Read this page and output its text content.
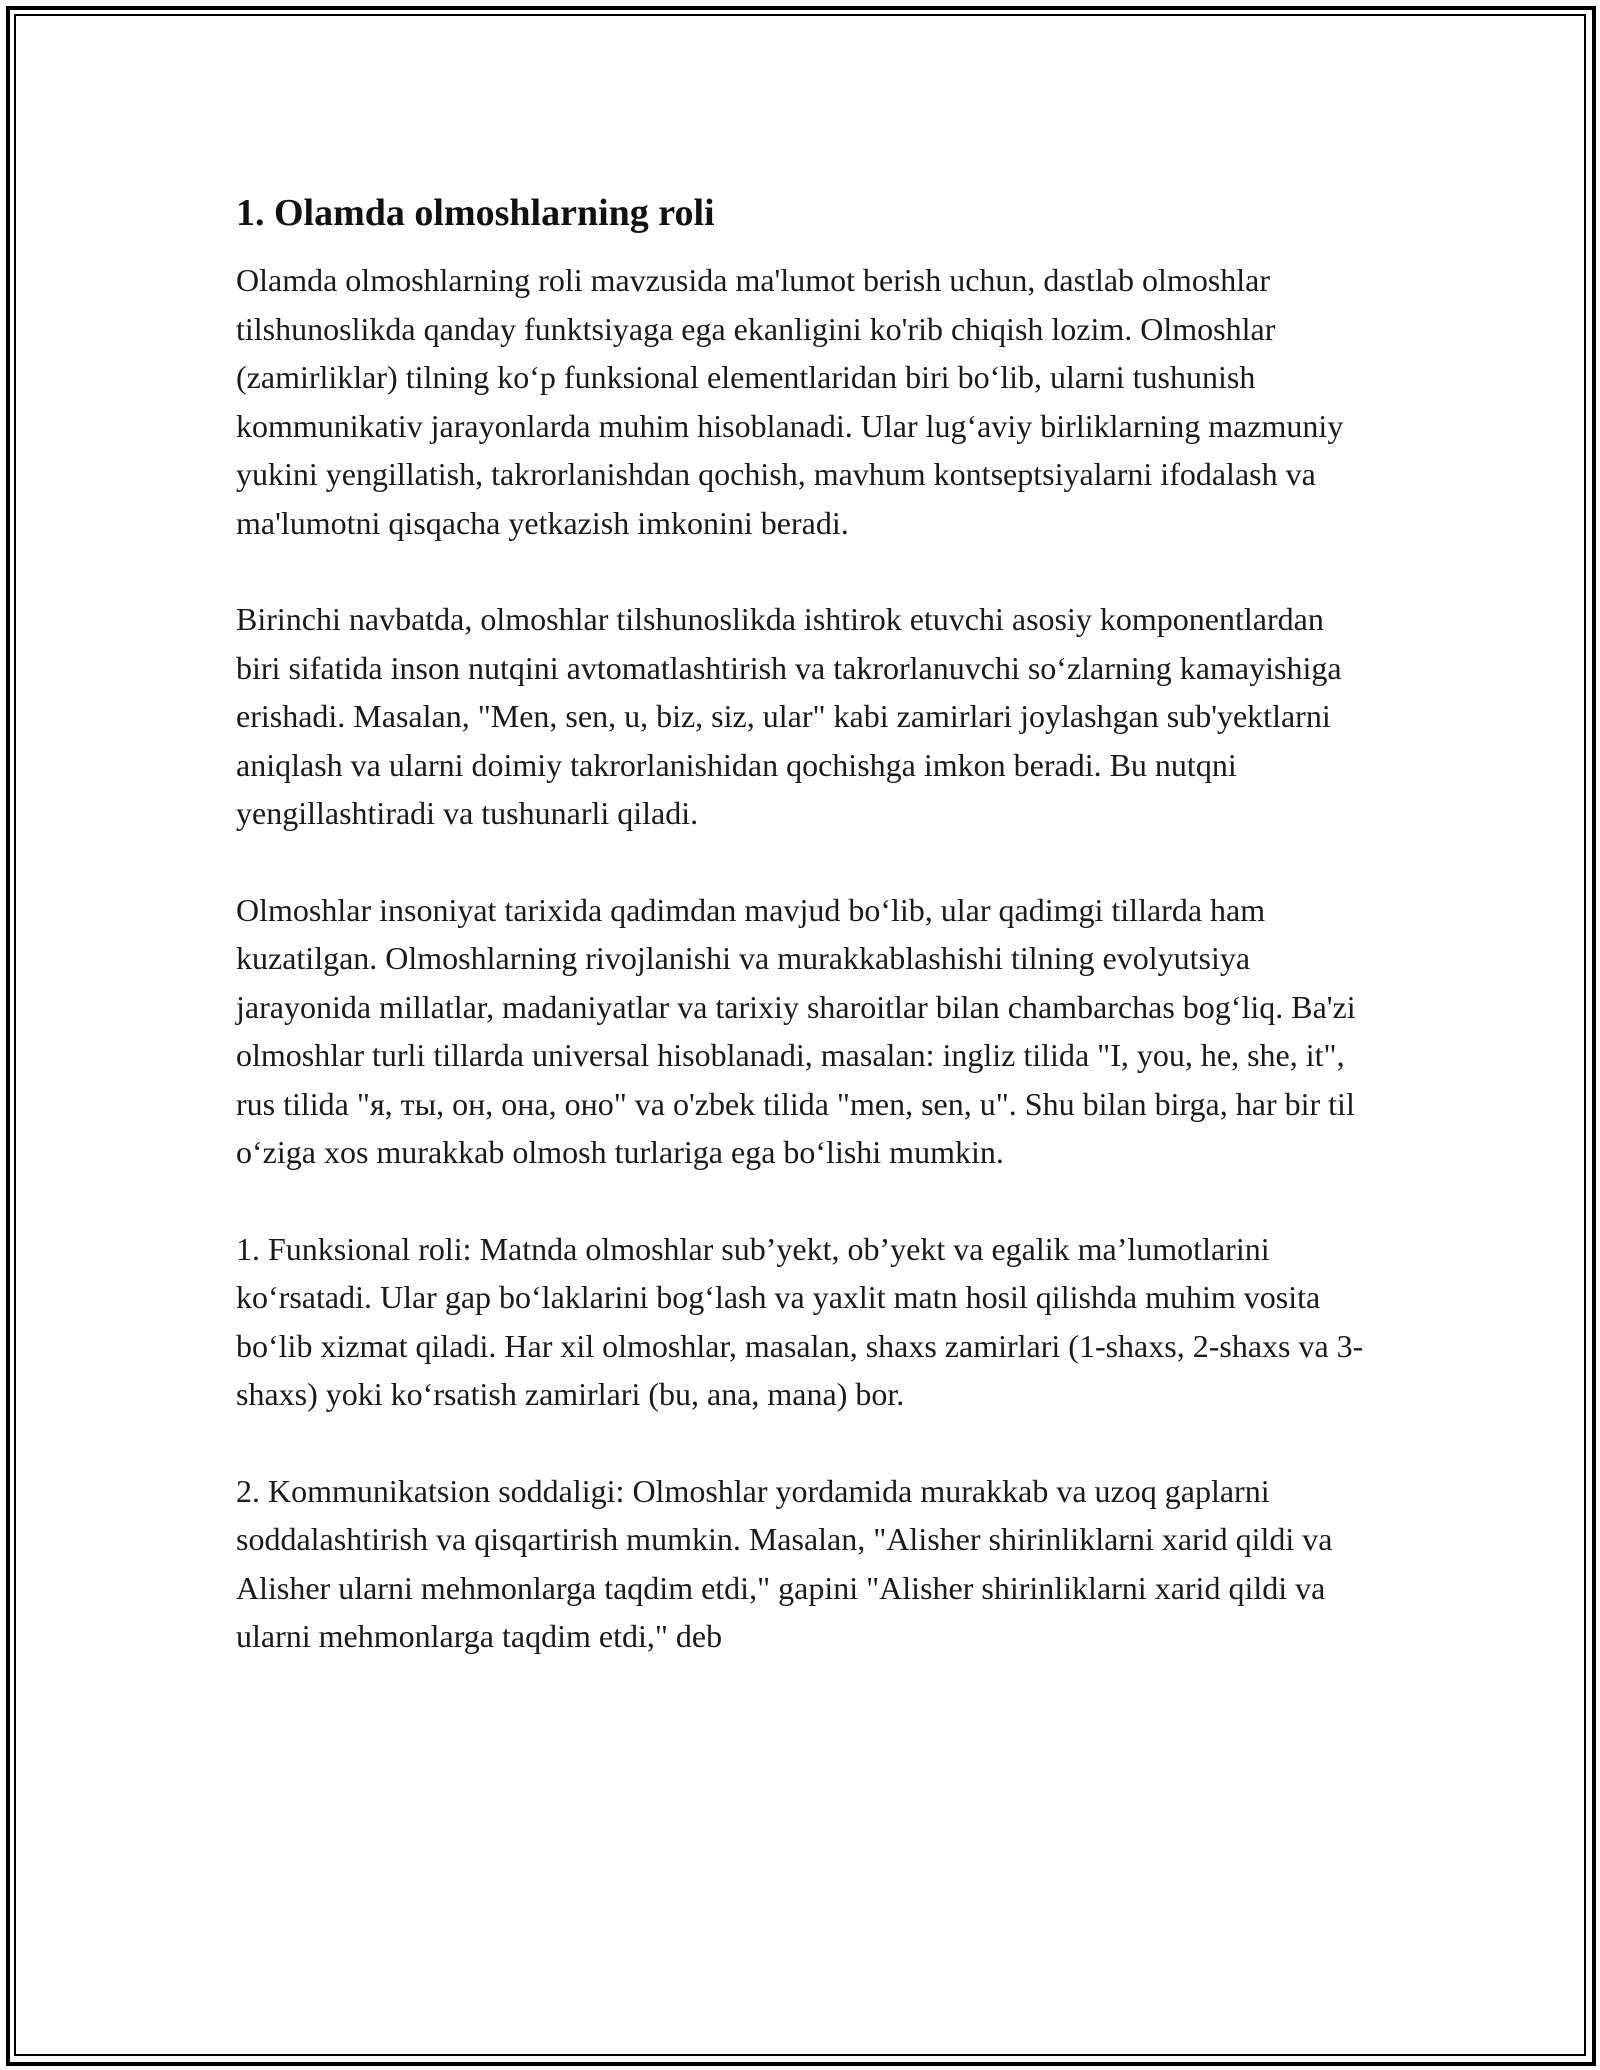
1. Olamda olmoshlarning roli

Olamda olmoshlarning roli mavzusida ma'lumot berish uchun, dastlab olmoshlar tilshunoslikda qanday funktsiyaga ega ekanligini ko'rib chiqish lozim. Olmoshlar (zamirliklar) tilning koʻp funksional elementlaridan biri boʻlib, ularni tushunish kommunikativ jarayonlarda muhim hisoblanadi. Ular lugʻaviy birliklarning mazmuniy yukini yengillatish, takrorlanishdan qochish, mavhum kontseptsiyalarni ifodalash va ma'lumotni qisqacha yetkazish imkonini beradi.

Birinchi navbatda, olmoshlar tilshunoslikda ishtirok etuvchi asosiy komponentlardan biri sifatida inson nutqini avtomatlashtirish va takrorlanuvchi soʻzlarning kamayishiga erishadi. Masalan, "Men, sen, u, biz, siz, ular" kabi zamirlari joylashgan sub'yektlarni aniqlash va ularni doimiy takrorlanishidan qochishga imkon beradi. Bu nutqni yengillashtiradi va tushunarli qiladi.

Olmoshlar insoniyat tarixida qadimdan mavjud boʻlib, ular qadimgi tillarda ham kuzatilgan. Olmoshlarning rivojlanishi va murakkablashishi tilning evolyutsiya jarayonida millatlar, madaniyatlar va tarixiy sharoitlar bilan chambarchas bogʻliq. Ba'zi olmoshlar turli tillarda universal hisoblanadi, masalan: ingliz tilida "I, you, he, she, it", rus tilida "я, ты, он, она, оно" va o'zbek tilida "men, sen, u". Shu bilan birga, har bir til oʻziga xos murakkab olmosh turlariga ega boʻlishi mumkin.

1. Funksional roli: Matnda olmoshlar sub’yekt, ob’yekt va egalik ma’lumotlarini koʻrsatadi. Ular gap boʻlaklarini bogʻlash va yaxlit matn hosil qilishda muhim vosita boʻlib xizmat qiladi. Har xil olmoshlar, masalan, shaxs zamirlari (1-shaxs, 2-shaxs va 3-shaxs) yoki koʻrsatish zamirlari (bu, ana, mana) bor.

2. Kommunikatsion soddaligi: Olmoshlar yordamida murakkab va uzoq gaplarni soddalashtirish va qisqartirish mumkin. Masalan, "Alisher shirinliklarni xarid qildi va Alisher ularni mehmonlarga taqdim etdi," gapini "Alisher shirinliklarni xarid qildi va ularni mehmonlarga taqdim etdi," deb
